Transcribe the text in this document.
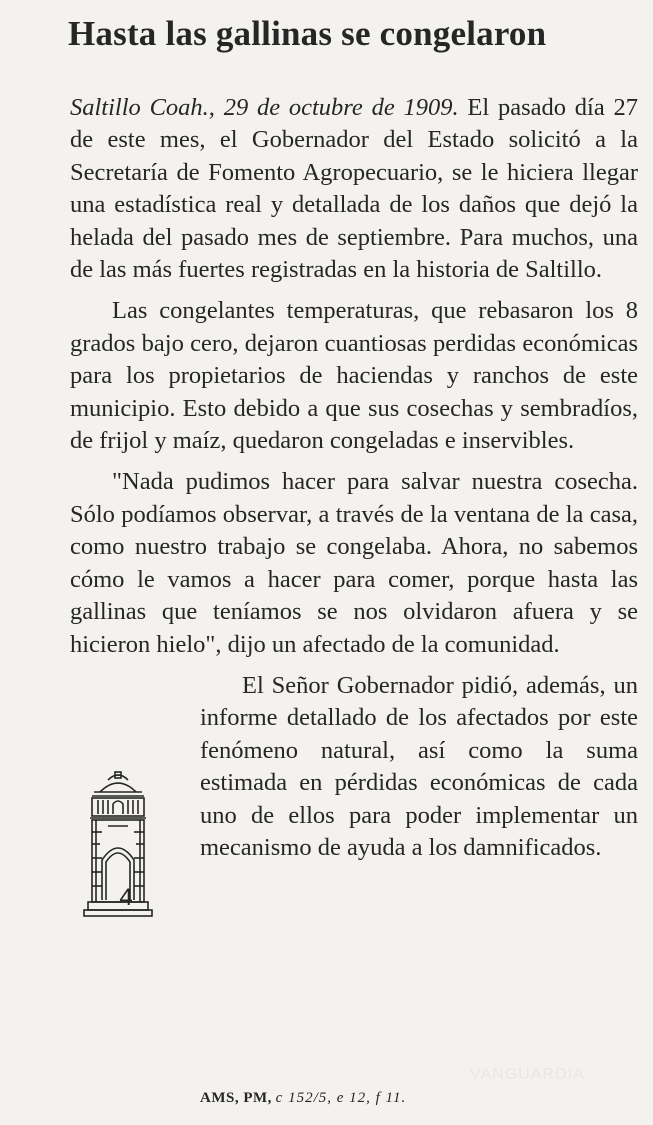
VANGUARDIA
Hasta las gallinas se congelaron

Saltillo Coah., 29 de octubre de 1909. El pasado día 27 de este mes, el Gobernador del Estado solicitó a la Secretaría de Fomento Agropecuario, se le hiciera llegar una estadística real y detallada de los daños que dejó la helada del pasado mes de septiembre. Para muchos, una de las más fuertes registradas en la historia de Saltillo.

Las congelantes temperaturas, que rebasaron los 8 grados bajo cero, dejaron cuantiosas perdidas económicas para los propietarios de haciendas y ranchos de este municipio. Esto debido a que sus cosechas y sembradíos, de frijol y maíz, quedaron congeladas e inservibles.

"Nada pudimos hacer para salvar nuestra cosecha. Sólo podíamos observar, a través de la ventana de la casa, como nuestro trabajo se congelaba. Ahora, no sabemos cómo le vamos a hacer para comer, porque hasta las gallinas que teníamos se nos olvidaron afuera y se hicieron hielo", dijo un afectado de la comunidad.

4

El Señor Gobernador pidió, además, un informe detallado de los afectados por este fenómeno natural, así como la suma estimada en pérdidas económicas de cada uno de ellos para poder implementar un mecanismo de ayuda a los damnificados.

AMS, PM, c 152/5, e 12, f 11.
